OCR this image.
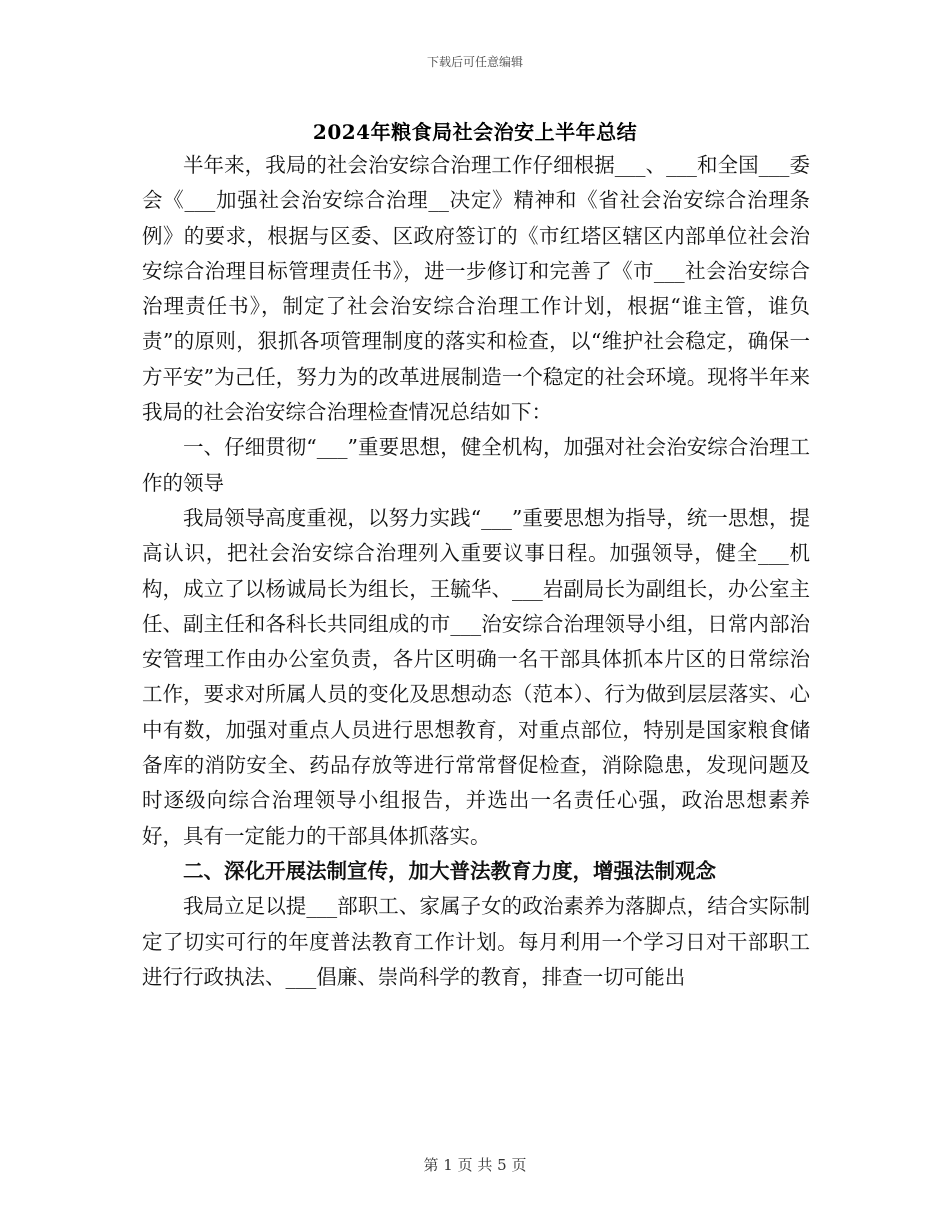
下载后可任意编辑
2024年粮食局社会治安上半年总结

半年来，我局的社会治安综合治理工作仔细根据___、___和全国___委会《___加强社会治安综合治理__决定》精神和《省社会治安综合治理条例》的要求，根据与区委、区政府签订的《市红塔区辖区内部单位社会治安综合治理目标管理责任书》，进一步修订和完善了《市___社会治安综合治理责任书》，制定了社会治安综合治理工作计划，根据“谁主管，谁负责”的原则，狠抓各项管理制度的落实和检查，以“维护社会稳定，确保一方平安”为己任，努力为的改革进展制造一个稳定的社会环境。现将半年来我局的社会治安综合治理检查情况总结如下：

一、仔细贯彻“___”重要思想，健全机构，加强对社会治安综合治理工作的领导

我局领导高度重视，以努力实践“___”重要思想为指导，统一思想，提高认识，把社会治安综合治理列入重要议事日程。加强领导，健全___机构，成立了以杨诚局长为组长，王毓华、___岩副局长为副组长，办公室主任、副主任和各科长共同组成的市___治安综合治理领导小组，日常内部治安管理工作由办公室负责，各片区明确一名干部具体抓本片区的日常综治工作，要求对所属人员的变化及思想动态（范本）、行为做到层层落实、心中有数，加强对重点人员进行思想教育，对重点部位，特别是国家粮食储备库的消防安全、药品存放等进行常常督促检查，消除隐患，发现问题及时逐级向综合治理领导小组报告，并选出一名责任心强，政治思想素养好，具有一定能力的干部具体抓落实。

二、深化开展法制宣传，加大普法教育力度，增强法制观念

我局立足以提___部职工、家属子女的政治素养为落脚点，结合实际制定了切实可行的年度普法教育工作计划。每月利用一个学习日对干部职工进行行政执法、___倡廉、崇尚科学的教育，排查一切可能出

第 1 页 共 5 页
